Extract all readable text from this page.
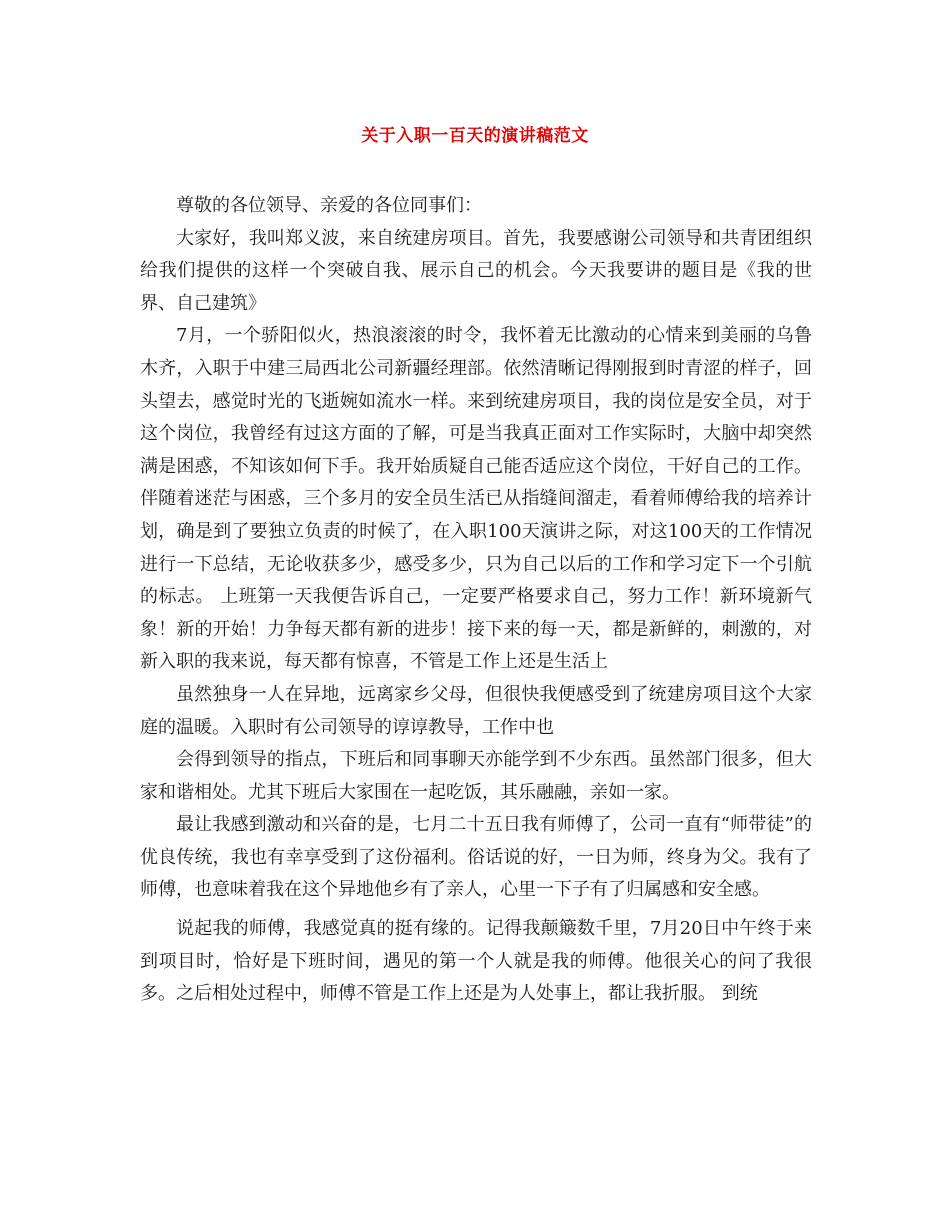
关于入职一百天的演讲稿范文

尊敬的各位领导、亲爱的各位同事们：

大家好，我叫郑义波，来自统建房项目。首先，我要感谢公司领导和共青团组织给我们提供的这样一个突破自我、展示自己的机会。今天我要讲的题目是《我的世界、自己建筑》

7月，一个骄阳似火，热浪滚滚的时令，我怀着无比激动的心情来到美丽的乌鲁木齐，入职于中建三局西北公司新疆经理部。依然清晰记得刚报到时青涩的样子，回头望去，感觉时光的飞逝婉如流水一样。来到统建房项目，我的岗位是安全员，对于这个岗位，我曾经有过这方面的了解，可是当我真正面对工作实际时，大脑中却突然满是困惑，不知该如何下手。我开始质疑自己能否适应这个岗位，干好自己的工作。伴随着迷茫与困惑，三个多月的安全员生活已从指缝间溜走，看着师傅给我的培养计划，确是到了要独立负责的时候了，在入职100天演讲之际，对这100天的工作情况进行一下总结，无论收获多少，感受多少，只为自己以后的工作和学习定下一个引航的标志。 上班第一天我便告诉自己，一定要严格要求自己，努力工作！新环境新气象！新的开始！力争每天都有新的进步！接下来的每一天，都是新鲜的，刺激的，对新入职的我来说，每天都有惊喜，不管是工作上还是生活上

虽然独身一人在异地，远离家乡父母，但很快我便感受到了统建房项目这个大家庭的温暖。入职时有公司领导的谆谆教导，工作中也

会得到领导的指点，下班后和同事聊天亦能学到不少东西。虽然部门很多，但大家和谐相处。尤其下班后大家围在一起吃饭，其乐融融，亲如一家。

最让我感到激动和兴奋的是，七月二十五日我有师傅了，公司一直有“师带徒”的优良传统，我也有幸享受到了这份福利。俗话说的好，一日为师，终身为父。我有了师傅，也意味着我在这个异地他乡有了亲人，心里一下子有了归属感和安全感。

说起我的师傅，我感觉真的挺有缘的。记得我颠簸数千里，7月20日中午终于来到项目时，恰好是下班时间，遇见的第一个人就是我的师傅。他很关心的问了我很多。之后相处过程中，师傅不管是工作上还是为人处事上，都让我折服。 到统
